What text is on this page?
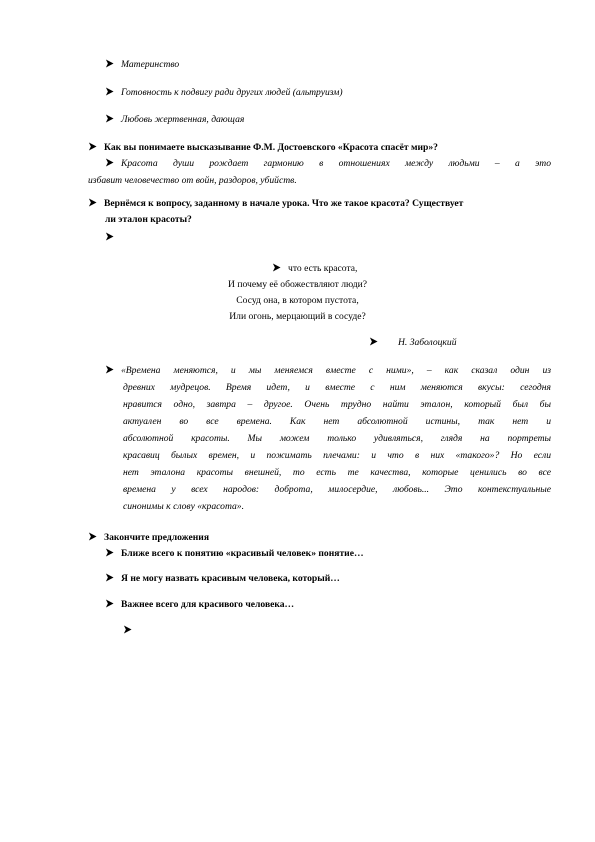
Материнство
Готовность к подвигу ради других людей (альтруизм)
Любовь жертвенная, дающая
Как вы понимаете высказывание Ф.М. Достоевского «Красота спасёт мир»?
Красота души рождает гармонию в отношениях между людьми – а это
избавит человечество от войн, раздоров, убийств.
Вернёмся к вопросу, заданному в начале урока. Что же такое красота? Существует
ли эталон красоты?
что есть красота,
И почему её обожествляют люди?
Сосуд она, в котором пустота,
Или огонь, мерцающий в сосуде?
Н. Заболоцкий
«Времена меняются, и мы меняемся вместе с ними», – как сказал один из
древних мудрецов. Время идет, и вместе с ним меняются вкусы: сегодня
нравится одно, завтра – другое. Очень трудно найти эталон, который был бы
актуален во все времена. Как нет абсолютной истины, так нет и
абсолютной красоты. Мы можем только удивляться, глядя на портреты
красавиц былых времен, и пожимать плечами: и что в них «такого»? Но если
нет эталона красоты внешней, то есть те качества, которые ценились во все
времена у всех народов: доброта, милосердие, любовь... Это контекстуальные
синонимы к слову «красота».
Закончите предложения
Ближе всего к понятию «красивый человек» понятие…
Я не могу назвать красивым человека, который…
Важнее всего для красивого человека…
